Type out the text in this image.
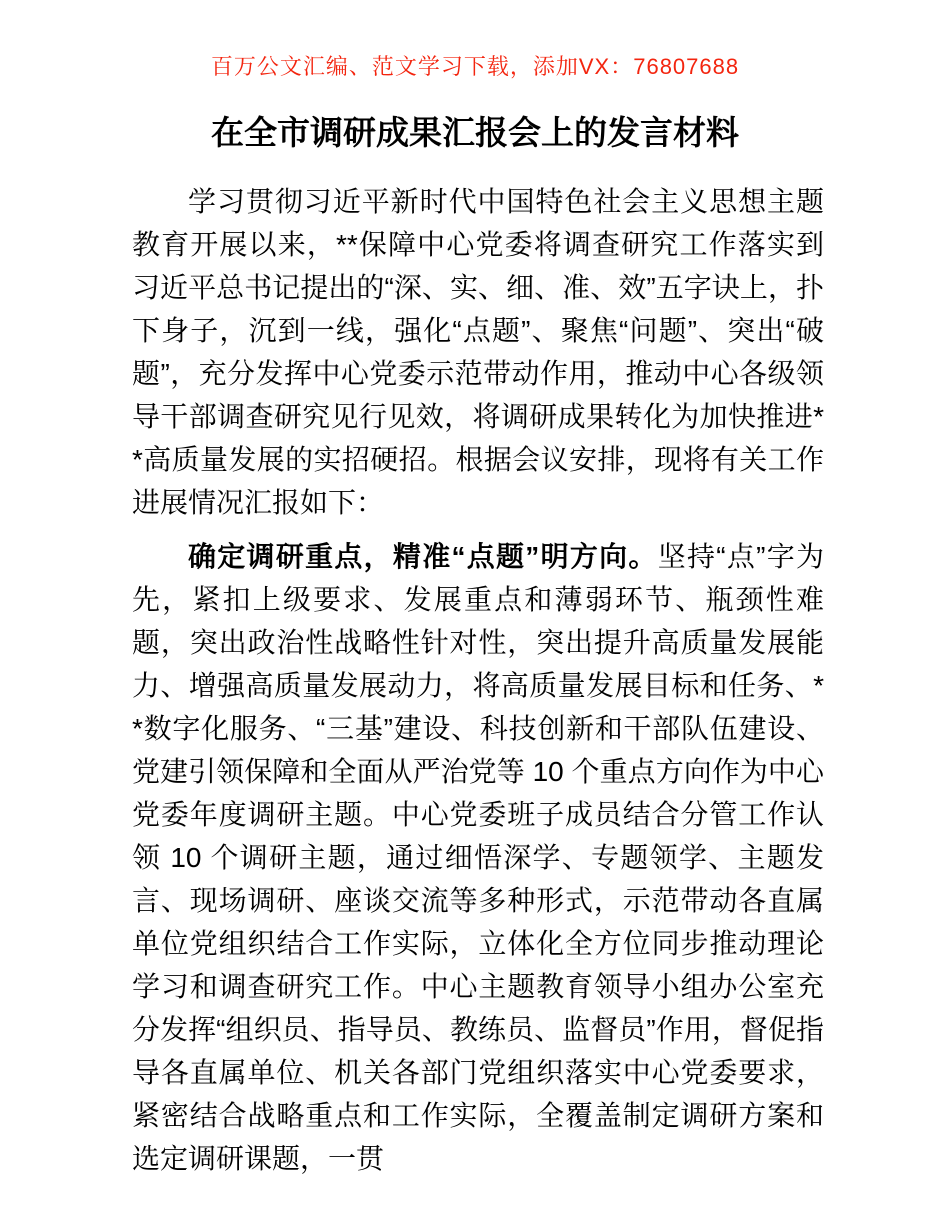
百万公文汇编、范文学习下载，添加VX：76807688
在全市调研成果汇报会上的发言材料

学习贯彻习近平新时代中国特色社会主义思想主题教育开展以来，**保障中心党委将调查研究工作落实到习近平总书记提出的“深、实、细、准、效”五字诀上，扑下身子，沉到一线，强化“点题”、聚焦“问题”、突出“破题”，充分发挥中心党委示范带动作用，推动中心各级领导干部调查研究见行见效，将调研成果转化为加快推进**高质量发展的实招硬招。根据会议安排，现将有关工作进展情况汇报如下：

确定调研重点，精准“点题”明方向。坚持“点”字为先，紧扣上级要求、发展重点和薄弱环节、瓶颈性难题，突出政治性战略性针对性，突出提升高质量发展能力、增强高质量发展动力，将高质量发展目标和任务、**数字化服务、“三基”建设、科技创新和干部队伍建设、党建引领保障和全面从严治党等 10 个重点方向作为中心党委年度调研主题。中心党委班子成员结合分管工作认领 10 个调研主题，通过细悟深学、专题领学、主题发言、现场调研、座谈交流等多种形式，示范带动各直属单位党组织结合工作实际，立体化全方位同步推动理论学习和调查研究工作。中心主题教育领导小组办公室充分发挥“组织员、指导员、教练员、监督员”作用，督促指导各直属单位、机关各部门党组织落实中心党委要求，紧密结合战略重点和工作实际，全覆盖制定调研方案和选定调研课题，一贯
